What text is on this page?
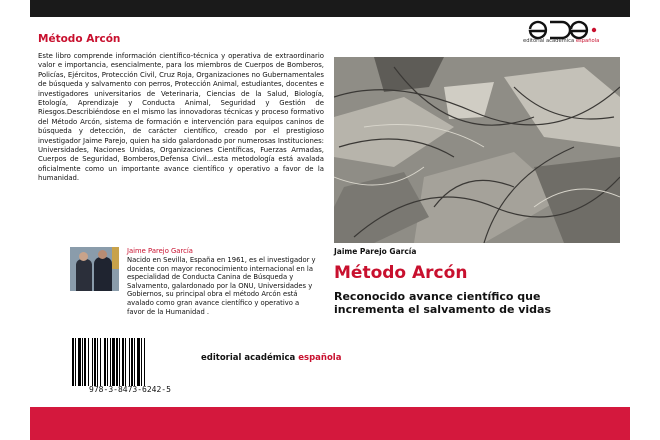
Método Arcón

Este libro comprende información científico-técnica y operativa de extraordinario valor e importancia, esencialmente, para los miembros de Cuerpos de Bomberos, Policías, Ejércitos, Protección Civil, Cruz Roja, Organizaciones no Gubernamentales de búsqueda y salvamento con perros, Protección Animal, estudiantes, docentes e investigadores universitarios de Veterinaria, Ciencias de la Salud, Biología, Etología, Aprendizaje y Conducta Animal, Seguridad y Gestión de Riesgos.Describiéndose en el mismo las innovadoras técnicas y proceso formativo del Método Arcón, sistema de formación e intervención para equipos caninos de búsqueda y detección, de carácter científico, creado por el prestigioso investigador Jaime Parejo, quien ha sido galardonado por numerosas Instituciones: Universidades, Naciones Unidas, Organizaciones Científicas, Fuerzas Armadas, Cuerpos de Seguridad, Bomberos,Defensa Civil...esta metodología está avalada oficialmente como un importante avance científico y operativo a favor de la humanidad.

Jaime Parejo García

Nacido en Sevilla, España en 1961, es el investigador y docente con mayor reconocimiento internacional en la especialidad de Conducta Canina de Búsqueda y Salvamento, galardonado por la ONU, Universidades y Gobiernos, su principal obra el método Arcón está avalado como gran avance científico y operativo a favor de la Humanidad .

978-3-8473-6242-5
editorial académica española
editorial académica española
Jaime Parejo García
Método Arcón

Reconocido avance científico que incrementa el salvamento de vidas
